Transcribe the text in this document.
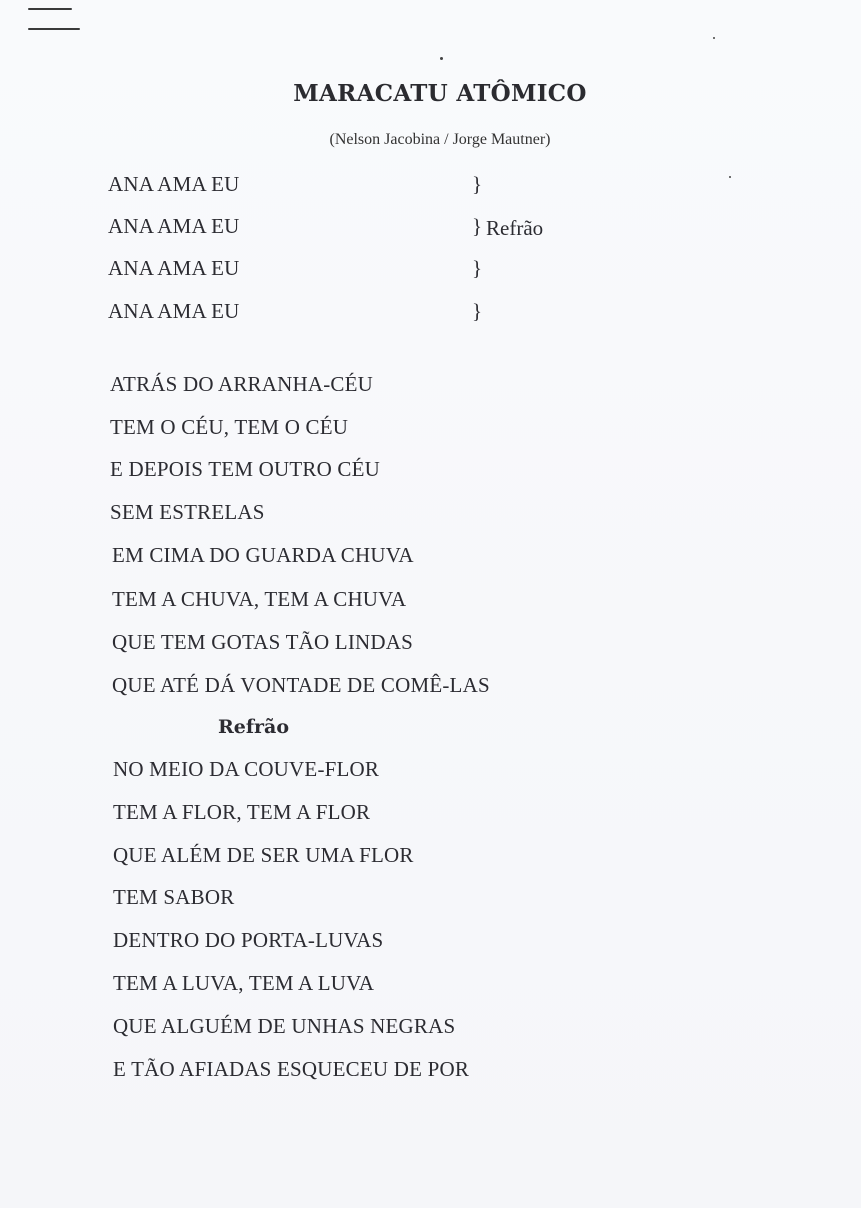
MARACATU ATÔMICO
(Nelson Jacobina / Jorge Mautner)
ANA AMA EU
ANA AMA EU
ANA AMA EU
ANA AMA EU
}
} Refrão
}
}
ATRÁS DO ARRANHA-CÉU
TEM O CÉU, TEM O CÉU
E DEPOIS TEM OUTRO CÉU
SEM ESTRELAS
EM CIMA DO GUARDA CHUVA
TEM A CHUVA, TEM A CHUVA
QUE TEM GOTAS TÃO LINDAS
QUE ATÉ DÁ VONTADE DE COMÊ-LAS
Refrão
NO MEIO DA COUVE-FLOR
TEM A FLOR, TEM A FLOR
QUE ALÉM DE SER UMA FLOR
TEM SABOR
DENTRO DO PORTA-LUVAS
TEM A LUVA, TEM A LUVA
QUE ALGUÉM DE UNHAS NEGRAS
E TÃO AFIADAS ESQUECEU DE POR
